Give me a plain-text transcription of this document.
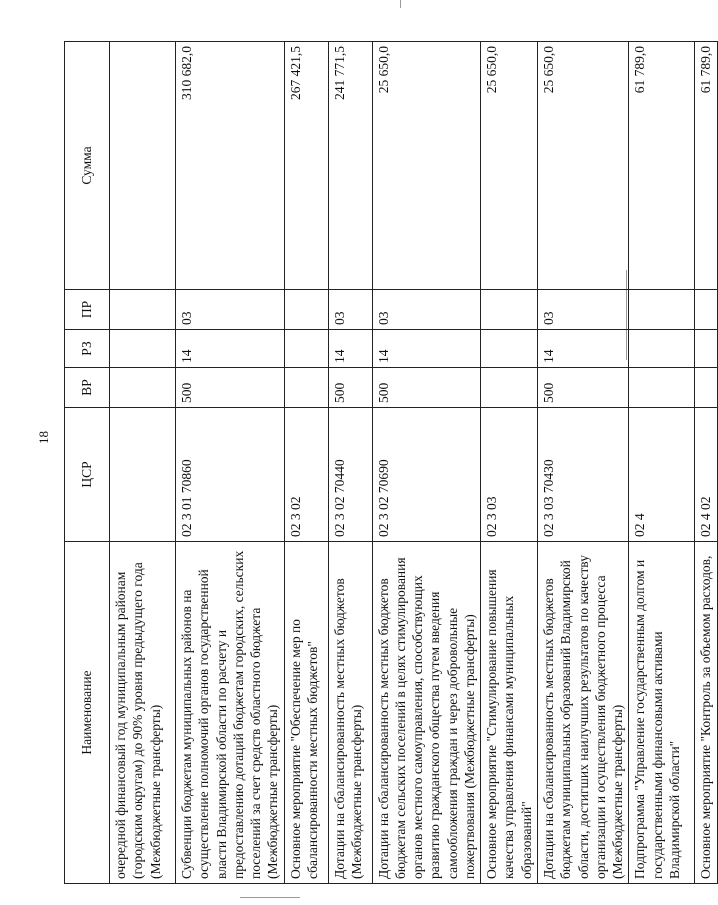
18
Наименование	ЦСР	ВР	РЗ	ПР	Сумма
очередной финансовый год муниципальным районам (городским округам) до 90% уровня предыдущего года (Межбюджетные трансферты)					
Субвенции бюджетам муниципальных районов на осуществление полномочий органов государственной власти Владимирской области по расчету и предоставлению дотаций бюджетам городских, сельских поселений за счет средств областного бюджета (Межбюджетные трансферты)	02 3 01 70860	500	14	03	310 682,0
Основное мероприятие "Обеспечение мер по сбалансированности местных бюджетов"	02 3 02				267 421,5
Дотации на сбалансированность местных бюджетов (Межбюджетные трансферты)	02 3 02 70440	500	14	03	241 771,5
Дотации на сбалансированность местных бюджетов бюджетам сельских поселений в целях стимулирования органов местного самоуправления, способствующих развитию гражданского общества путем введения самообложения граждан и через добровольные пожертвования (Межбюджетные трансферты)	02 3 02 70690	500	14	03	25 650,0
Основное мероприятие "Стимулирование повышения качества управления финансами муниципальных образований"	02 3 03				25 650,0
Дотации на сбалансированность местных бюджетов бюджетам муниципальных образований Владимирской области, достигших наилучших результатов по качеству организации и осуществления бюджетного процесса (Межбюджетные трансферты)	02 3 03 70430	500	14	03	25 650,0
Подпрограмма "Управление государственным долгом и государственными финансовыми активами Владимирской области"	02 4				61 789,0
Основное мероприятие "Контроль за объемом расходов,	02 4 02				61 789,0
